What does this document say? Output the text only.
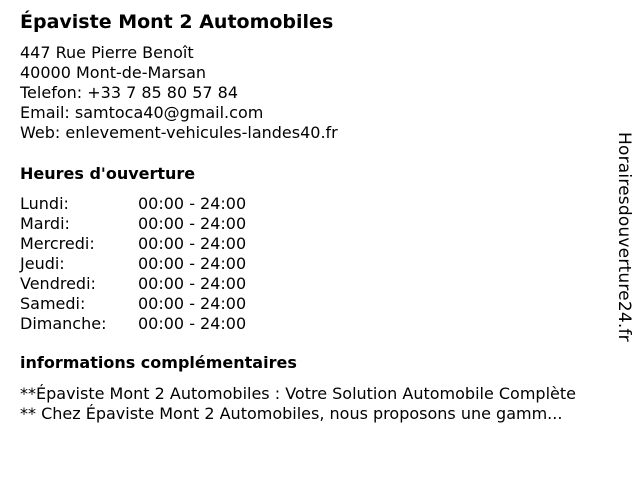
Épaviste Mont 2 Automobiles
447 Rue Pierre Benoît
40000 Mont-de-Marsan
Telefon: +33 7 85 80 57 84
Email: samtoca40@gmail.com
Web: enlevement-vehicules-landes40.fr
Heures d'ouverture
Lundi:	00:00 - 24:00
Mardi:	00:00 - 24:00
Mercredi:	00:00 - 24:00
Jeudi:	00:00 - 24:00
Vendredi:	00:00 - 24:00
Samedi:	00:00 - 24:00
Dimanche: 00:00 - 24:00
informations complémentaires
**Épaviste Mont 2 Automobiles : Votre Solution Automobile Complète
** Chez Épaviste Mont 2 Automobiles, nous proposons une gamm...
Horairesdouverture24.fr
